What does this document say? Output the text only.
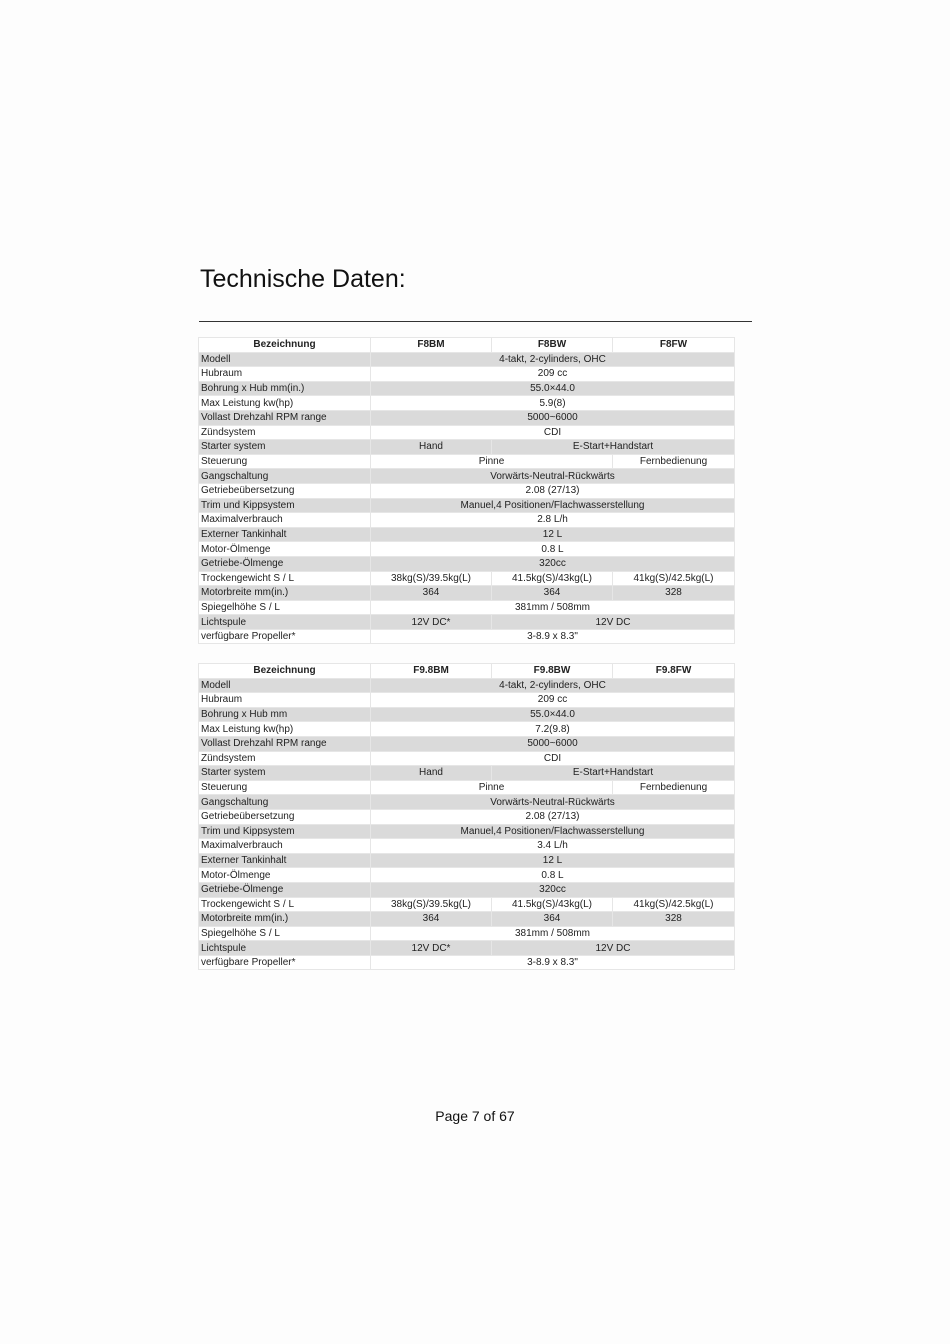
Technische Daten:
Bezeichnung	F8BM	F8BW	F8FW
Modell	4-takt, 2-cylinders, OHC		
Hubraum	209 cc		
Bohrung x Hub mm(in.)	55.0×44.0		
Max Leistung kw(hp)	5.9(8)		
Vollast Drehzahl RPM range	5000~6000		
Zündsystem	CDI		
Starter system	Hand	E-Start+Handstart	
Steuerung	Pinne		Fernbedienung
Gangschaltung	Vorwärts-Neutral-Rückwärts		
Getriebeübersetzung	2.08 (27/13)		
Trim und Kippsystem	Manuel,4 Positionen/Flachwasserstellung		
Maximalverbrauch	2.8 L/h		
Externer Tankinhalt	12 L		
Motor-Ölmenge	0.8 L		
Getriebe-Ölmenge	320cc		
Trockengewicht S / L	38kg(S)/39.5kg(L)	41.5kg(S)/43kg(L)	41kg(S)/42.5kg(L)
Motorbreite mm(in.)	364	364	328
Spiegelhöhe S / L	381mm / 508mm		
Lichtspule	12V DC*	12V DC	
verfügbare Propeller*	3-8.9 x 8.3"		
Bezeichnung	F9.8BM	F9.8BW	F9.8FW
Modell	4-takt, 2-cylinders, OHC		
Hubraum	209 cc		
Bohrung x Hub mm	55.0×44.0		
Max Leistung kw(hp)	7.2(9.8)		
Vollast Drehzahl RPM range	5000~6000		
Zündsystem	CDI		
Starter system	Hand	E-Start+Handstart	
Steuerung	Pinne		Fernbedienung
Gangschaltung	Vorwärts-Neutral-Rückwärts		
Getriebeübersetzung	2.08 (27/13)		
Trim und Kippsystem	Manuel,4 Positionen/Flachwasserstellung		
Maximalverbrauch	3.4 L/h		
Externer Tankinhalt	12 L		
Motor-Ölmenge	0.8 L		
Getriebe-Ölmenge	320cc		
Trockengewicht S / L	38kg(S)/39.5kg(L)	41.5kg(S)/43kg(L)	41kg(S)/42.5kg(L)
Motorbreite mm(in.)	364	364	328
Spiegelhöhe S / L	381mm / 508mm		
Lichtspule	12V DC*	12V DC	
verfügbare Propeller*	3-8.9 x 8.3"		
Page 7 of 67
